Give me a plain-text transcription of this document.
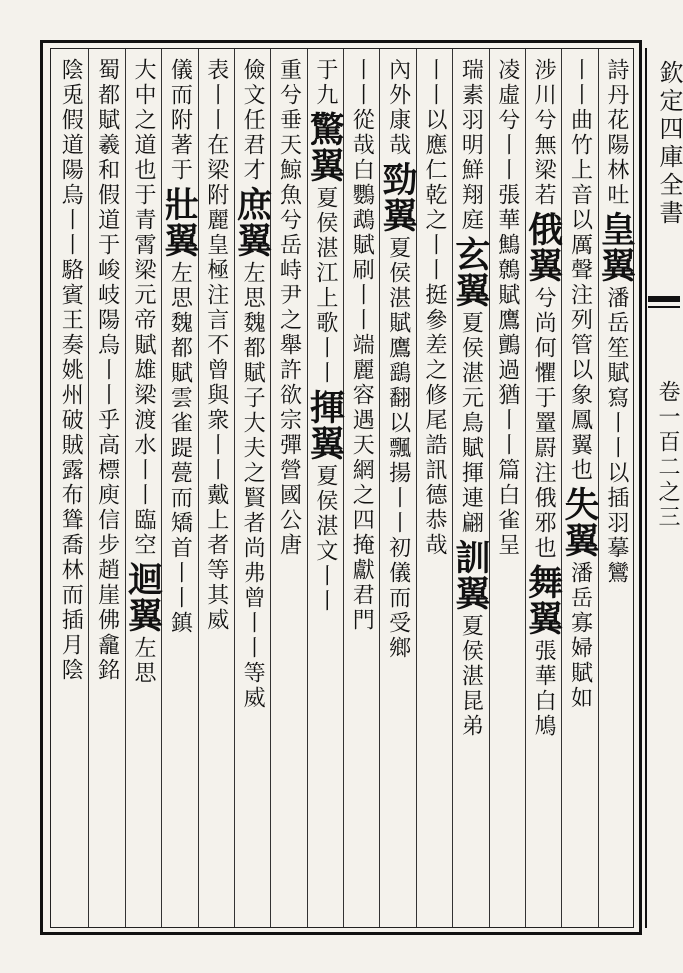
詩丹花陽林吐
皇翼
潘岳笙賦寫丨丨以插羽摹鸞
丨丨曲竹上
音以厲聲注列管以象鳳翼也
失翼
潘岳寡婦賦如
涉川兮無梁若
俄翼
兮尚何懼于罿罻注俄邪也
舞翼
張華白鳩
凌虛兮丨丨
張華鷦鷯賦鷹鸇過猶丨丨
篇白雀呈
瑞素羽明鮮翔庭
玄翼
夏侯湛元鳥賦揮連翩
訓翼
夏侯湛昆弟
丨丨以應仁乾
之丨丨挺參差之修尾
誥訊德恭哉
內外康哉
勁翼
夏侯湛賦鷹鷂翻以飄揚丨丨
初儀而受鄉
丨丨從哉
白鸚鵡賦刷丨丨端麗容遇天網之四掩獻君門
于九
驚翼
夏侯湛江上歌丨丨
揮翼
夏侯湛文丨丨
重
兮垂天鯨魚兮岳峙
尹之舉許欲宗彈營國公唐
儉文任君才
庶翼
左思魏都賦子大夫之賢者尚弗曾丨丨等威
表丨丨在梁
附麗皇極注言不曾與衆丨丨戴上者等其威
儀而附著于
壯翼
左思魏都賦雲雀踶甍而矯首丨丨鎮
大中之道也
于青霄梁元帝賦雄梁渡水丨丨臨空
迴翼
左思
蜀都賦羲和假道于峻岐陽烏丨丨乎高標庾信步趙崖佛龕銘
陰兎假道陽烏丨丨駱賓王奏姚州破賊露布聳喬林而插月陰	欽定四庫全書
卷一百二之三
